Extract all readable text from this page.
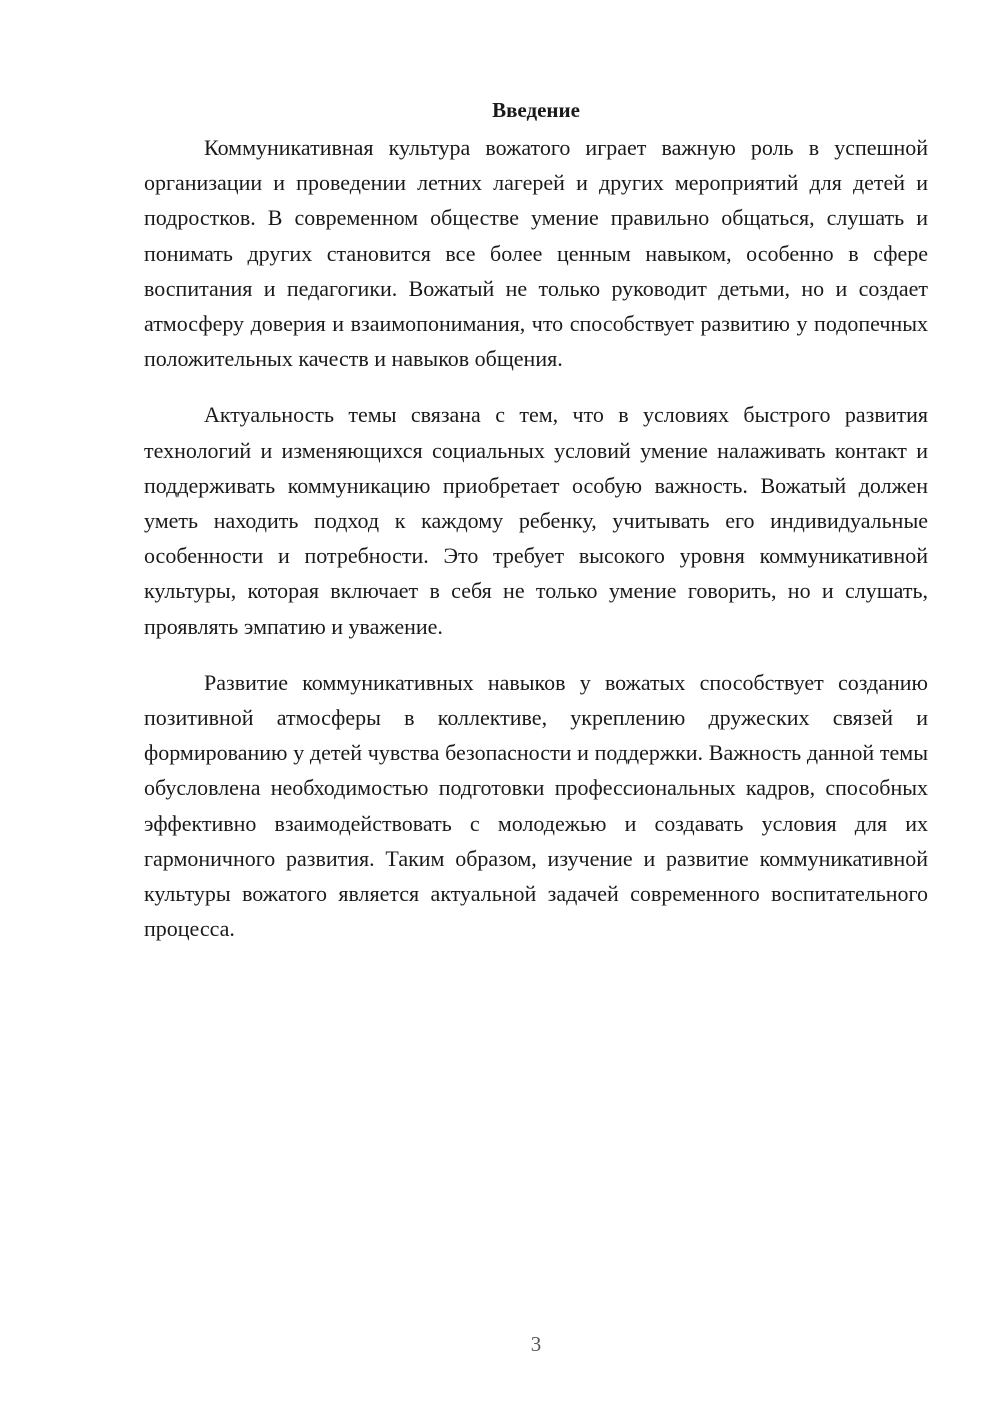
Введение

Коммуникативная культура вожатого играет важную роль в успешной организации и проведении летних лагерей и других мероприятий для детей и подростков. В современном обществе умение правильно общаться, слушать и понимать других становится все более ценным навыком, особенно в сфере воспитания и педагогики. Вожатый не только руководит детьми, но и создает атмосферу доверия и взаимопонимания, что способствует развитию у подопечных положительных качеств и навыков общения.

Актуальность темы связана с тем, что в условиях быстрого развития технологий и изменяющихся социальных условий умение налаживать контакт и поддерживать коммуникацию приобретает особую важность. Вожатый должен уметь находить подход к каждому ребенку, учитывать его индивидуальные особенности и потребности. Это требует высокого уровня коммуникативной культуры, которая включает в себя не только умение говорить, но и слушать, проявлять эмпатию и уважение.

Развитие коммуникативных навыков у вожатых способствует созданию позитивной атмосферы в коллективе, укреплению дружеских связей и формированию у детей чувства безопасности и поддержки. Важность данной темы обусловлена необходимостью подготовки профессиональных кадров, способных эффективно взаимодействовать с молодежью и создавать условия для их гармоничного развития. Таким образом, изучение и развитие коммуникативной культуры вожатого является актуальной задачей современного воспитательного процесса.

3
